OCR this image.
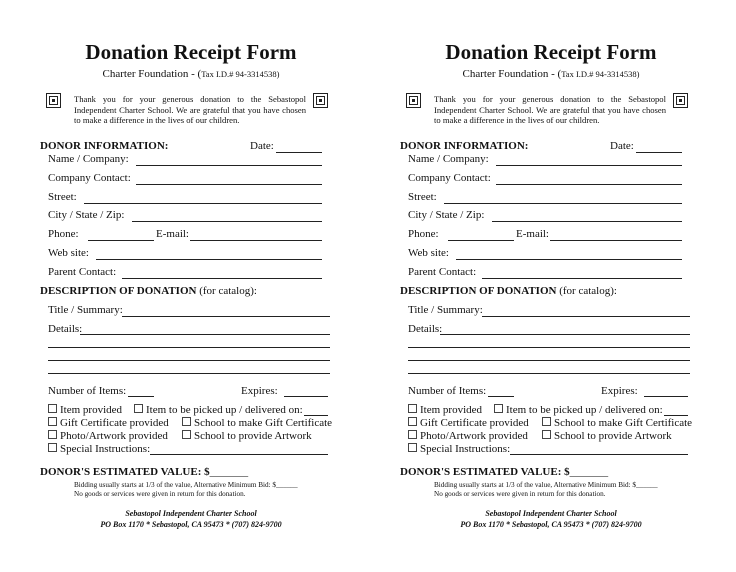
Donation Receipt Form
Charter Foundation - (Tax I.D.# 94-3314538)
Thank you for your generous donation to the Sebastopol Independent Charter School. We are grateful that you have chosen to make a difference in the lives of our children.
DONOR INFORMATION:	Date:
Name / Company:
Company Contact:
Street:
City / State / Zip:
Phone:	E-mail:
Web site:
Parent Contact:
DESCRIPTION OF DONATION (for catalog):
Title / Summary:
Details:
Number of Items:	Expires:
Item provided	Item to be picked up / delivered on:
Gift Certificate provided	School to make Gift Certificate
Photo/Artwork provided	School to provide Artwork
Special Instructions:
DONOR'S ESTIMATED VALUE: $_______
Bidding usually starts at 1/3 of the value, Alternative Minimum Bid: $______
No goods or services were given in return for this donation.
Sebastopol Independent Charter School
PO Box 1170 * Sebastopol, CA 95473 * (707) 824-9700
Donation Receipt Form
Charter Foundation - (Tax I.D.# 94-3314538)
Thank you for your generous donation to the Sebastopol Independent Charter School. We are grateful that you have chosen to make a difference in the lives of our children.
DONOR INFORMATION:	Date:
Name / Company:
Company Contact:
Street:
City / State / Zip:
Phone:	E-mail:
Web site:
Parent Contact:
DESCRIPTION OF DONATION (for catalog):
Title / Summary:
Details:
Number of Items:	Expires:
Item provided	Item to be picked up / delivered on:
Gift Certificate provided	School to make Gift Certificate
Photo/Artwork provided	School to provide Artwork
Special Instructions:
DONOR'S ESTIMATED VALUE: $_______
Bidding usually starts at 1/3 of the value, Alternative Minimum Bid: $______
No goods or services were given in return for this donation.
Sebastopol Independent Charter School
PO Box 1170 * Sebastopol, CA 95473 * (707) 824-9700
